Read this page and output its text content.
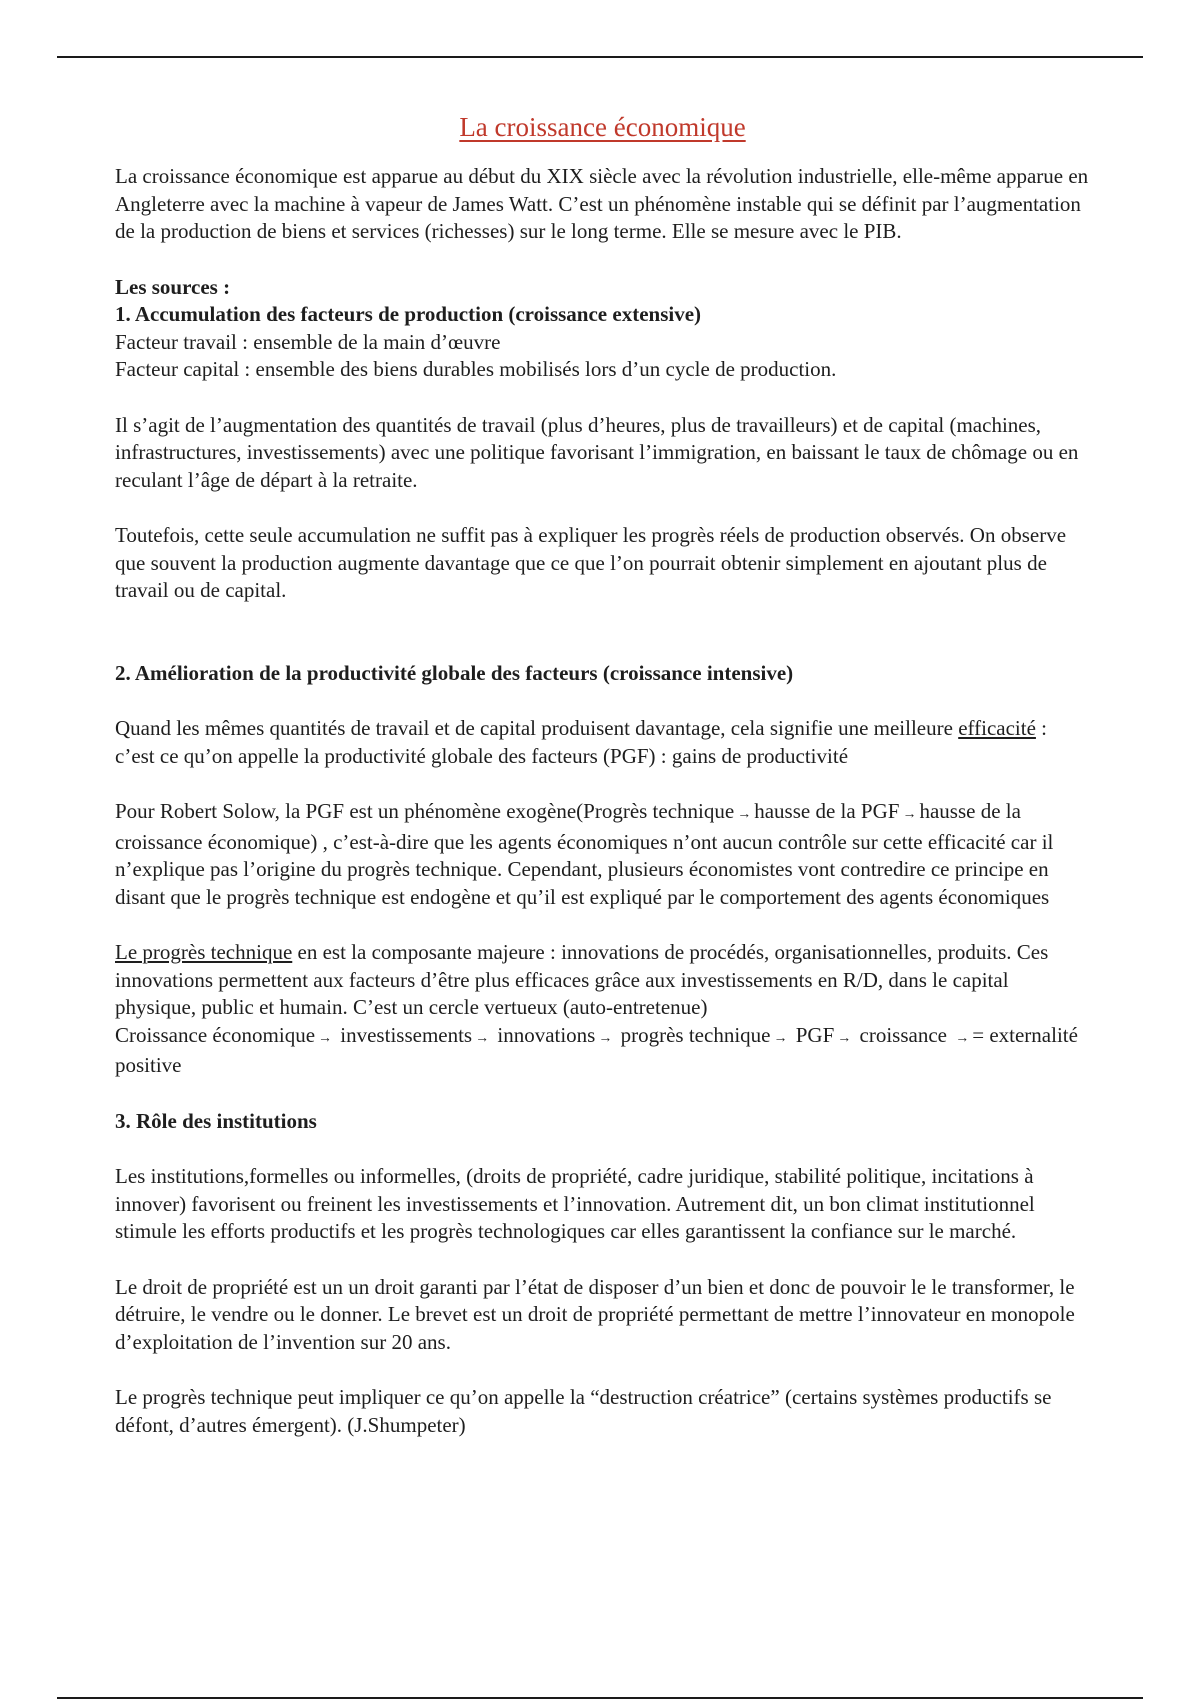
La croissance économique

La croissance économique est apparue au début du XIX siècle avec la révolution industrielle, elle-même apparue en Angleterre avec la machine à vapeur de James Watt. C’est un phénomène instable qui se définit par l’augmentation de la production de biens et services (richesses) sur le long terme. Elle se mesure avec le PIB.

Les sources :

1. Accumulation des facteurs de production (croissance extensive)

Facteur travail : ensemble de la main d’œuvre

Facteur capital : ensemble des biens durables mobilisés lors d’un cycle de production.

Il s’agit de l’augmentation des quantités de travail (plus d’heures, plus de travailleurs) et de capital (machines, infrastructures, investissements) avec une politique favorisant l’immigration, en baissant le taux de chômage ou en reculant l’âge de départ à la retraite.

Toutefois, cette seule accumulation ne suffit pas à expliquer les progrès réels de production observés. On observe que souvent la production augmente davantage que ce que l’on pourrait obtenir simplement en ajoutant plus de travail ou de capital.

2. Amélioration de la productivité globale des facteurs (croissance intensive)

Quand les mêmes quantités de travail et de capital produisent davantage, cela signifie une meilleure efficacité : c’est ce qu’on appelle la productivité globale des facteurs (PGF) : gains de productivité

Pour Robert Solow, la PGF est un phénomène exogène(Progrès technique → hausse de la PGF → hausse de la croissance économique) , c’est-à-dire que les agents économiques n’ont aucun contrôle sur cette efficacité car il n’explique pas l’origine du progrès technique. Cependant, plusieurs économistes vont contredire ce principe en disant que le progrès technique est endogène et qu’il est expliqué par le comportement des agents économiques

Le progrès technique en est la composante majeure : innovations de procédés, organisationnelles, produits. Ces innovations permettent aux facteurs d’être plus efficaces grâce aux investissements en R/D, dans le capital physique, public et humain. C’est un cercle vertueux (auto-entretenue)

Croissance économique → investissements → innovations → progrès technique → PGF → croissance → = externalité positive

3. Rôle des institutions

Les institutions,formelles ou informelles, (droits de propriété, cadre juridique, stabilité politique, incitations à innover) favorisent ou freinent les investissements et l’innovation. Autrement dit, un bon climat institutionnel stimule les efforts productifs et les progrès technologiques car elles garantissent la confiance sur le marché.

Le droit de propriété est un un droit garanti par l’état de disposer d’un bien et donc de pouvoir le le transformer, le détruire, le vendre ou le donner. Le brevet est un droit de propriété permettant de mettre l’innovateur en monopole d’exploitation de l’invention sur 20 ans.

Le progrès technique peut impliquer ce qu’on appelle la “destruction créatrice” (certains systèmes productifs se défont, d’autres émergent). (J.Shumpeter)
